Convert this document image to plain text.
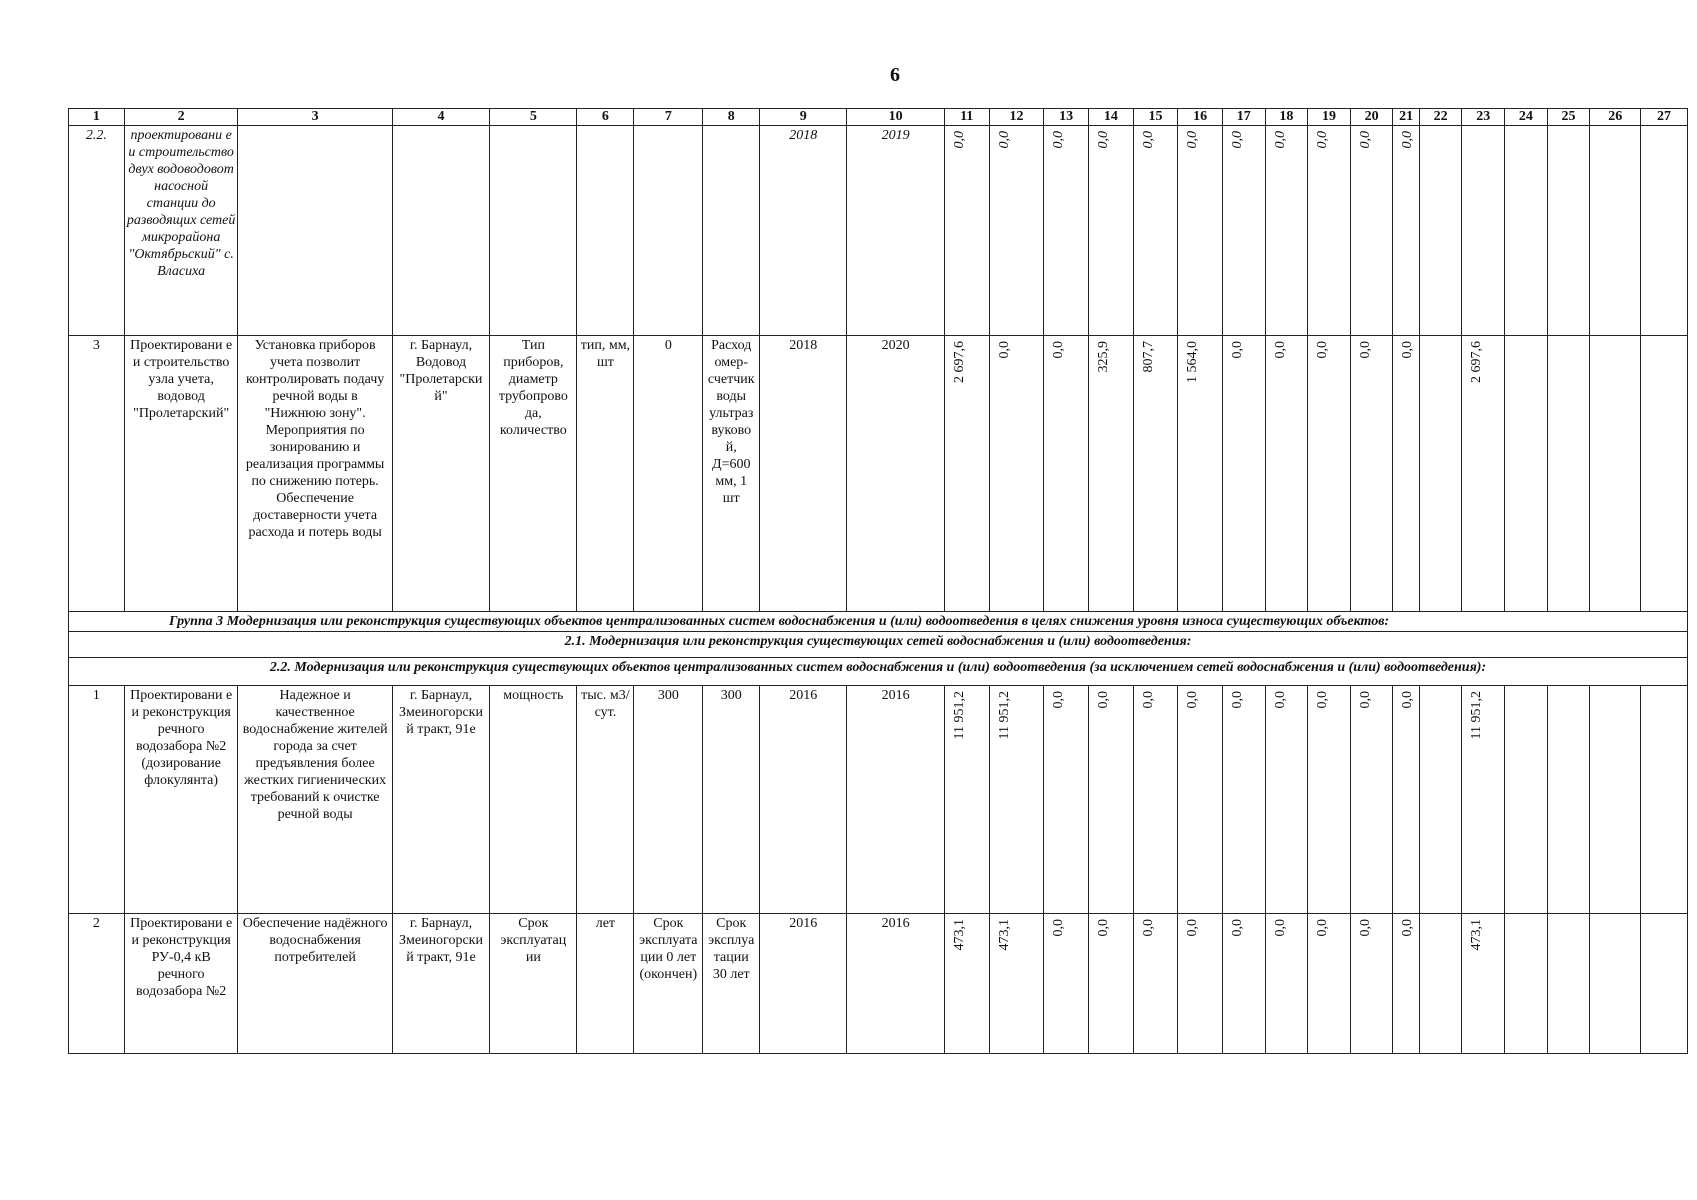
6
1	2	3	4	5	6	7	8	9	10	11	12	13	14	15	16	17	18	19	20	21	22	23	24	25	26	27
2.2.	проектировани е и строительство двух водоводовот насосной станции до разводящих сетей микрорайона "Октябрьский" с. Власиха							2018	2019	0,0	0,0	0,0	0,0	0,0	0,0	0,0	0,0	0,0	0,0	0,0						
3	Проектировани е и строительство узла учета, водовод "Пролетарский"	Установка приборов учета позволит контролировать подачу речной воды в "Нижнюю зону". Мероприятия по зонированию и реализация программы по снижению потерь. Обеспечение доставерности учета расхода и потерь воды	г. Барнаул, Водовод "Пролетарски й"	Тип приборов, диаметр трубопрово да, количество	тип, мм, шт	0	Расход омер-счетчик воды ультраз вуково й, Д=600 мм, 1 шт	2018	2020	2 697,6	0,0	0,0	325,9	807,7	1 564,0	0,0	0,0	0,0	0,0	0,0		2 697,6				
Группа 3 Модернизация или реконструкция существующих объектов централизованных систем водоснабжения и (или) водоотведения в целях снижения уровня износа существующих объектов:																										
2.1. Модернизация или реконструкция существующих сетей водоснабжения и (или) водоотведения:																										
2.2. Модернизация или реконструкция существующих объектов централизованных систем водоснабжения и (или) водоотведения (за исключением сетей водоснабжения и (или) водоотведения):																										
1	Проектировани е и реконструкция речного водозабора №2 (дозирование флокулянта)	Надежное и качественное водоснабжение жителей города за счет предъявления более жестких гигиенических требований к очистке речной воды	г. Барнаул, Змеиногорски й тракт, 91е	мощность	тыс. м3/сут.	300	300	2016	2016	11 951,2	11 951,2	0,0	0,0	0,0	0,0	0,0	0,0	0,0	0,0	0,0		11 951,2				
2	Проектировани е и реконструкция РУ-0,4 кВ речного водозабора №2	Обеспечение надёжного водоснабжения потребителей	г. Барнаул, Змеиногорски й тракт, 91е	Срок эксплуатац ии	лет	Срок эксплуата ции 0 лет (окончен)	Срок эксплуа тации 30 лет	2016	2016	473,1	473,1	0,0	0,0	0,0	0,0	0,0	0,0	0,0	0,0	0,0		473,1				
